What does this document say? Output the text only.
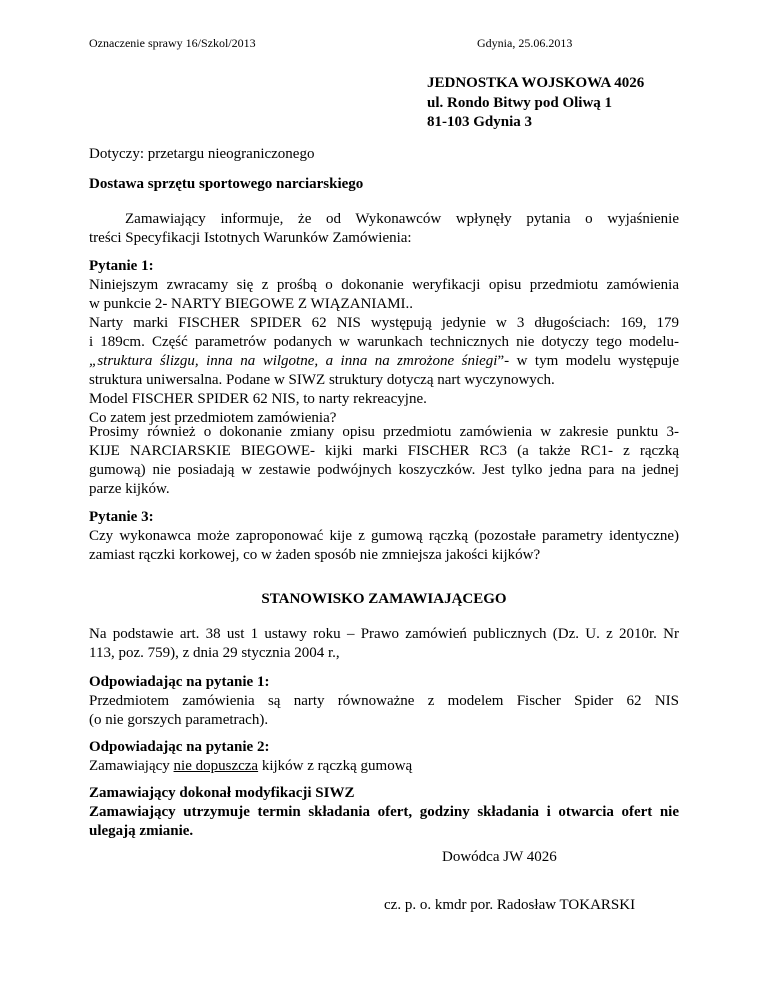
Oznaczenie sprawy 16/Szkol/2013	Gdynia, 25.06.2013
JEDNOSTKA WOJSKOWA 4026
ul. Rondo Bitwy pod Oliwą 1
81-103 Gdynia 3
Dotyczy: przetargu nieograniczonego
Dostawa sprzętu sportowego narciarskiego
Zamawiający informuje, że od Wykonawców wpłynęły pytania o wyjaśnienie
treści Specyfikacji Istotnych Warunków Zamówienia:
Pytanie 1:
Niniejszym zwracamy się z prośbą o dokonanie weryfikacji opisu przedmiotu zamówienia
w punkcie 2- NARTY BIEGOWE Z WIĄZANIAMI..
Narty marki FISCHER SPIDER 62 NIS występują jedynie w 3 długościach: 169, 179
i 189cm. Część parametrów podanych w warunkach technicznych nie dotyczy tego modelu-
„struktura ślizgu, inna na wilgotne, a inna na zmrożone śniegi”- w tym modelu występuje
struktura uniwersalna. Podane w SIWZ struktury dotyczą nart wyczynowych.
Model FISCHER SPIDER 62 NIS, to narty rekreacyjne.
Co zatem jest przedmiotem zamówienia?
Prosimy również o dokonanie zmiany opisu przedmiotu zamówienia w zakresie punktu 3-
KIJE NARCIARSKIE BIEGOWE- kijki marki FISCHER RC3 (a także RC1- z rączką
gumową) nie posiadają w zestawie podwójnych koszyczków. Jest tylko jedna para na jednej
parze kijków.
Pytanie 3:
Czy wykonawca może zaproponować kije z gumową rączką (pozostałe parametry identyczne)
zamiast rączki korkowej, co w żaden sposób nie zmniejsza jakości kijków?
STANOWISKO ZAMAWIAJĄCEGO
Na podstawie art. 38 ust 1 ustawy roku – Prawo zamówień publicznych (Dz. U. z 2010r. Nr
113, poz. 759), z dnia 29 stycznia 2004 r.,
Odpowiadając na pytanie 1:
Przedmiotem zamówienia są narty równoważne z modelem Fischer Spider 62 NIS
(o nie gorszych parametrach).
Odpowiadając na pytanie 2:
Zamawiający nie dopuszcza kijków z rączką gumową
Zamawiający dokonał modyfikacji SIWZ
Zamawiający utrzymuje termin składania ofert, godziny składania i otwarcia ofert nie
ulegają zmianie.
Dowódca JW 4026
cz. p. o. kmdr por. Radosław TOKARSKI
